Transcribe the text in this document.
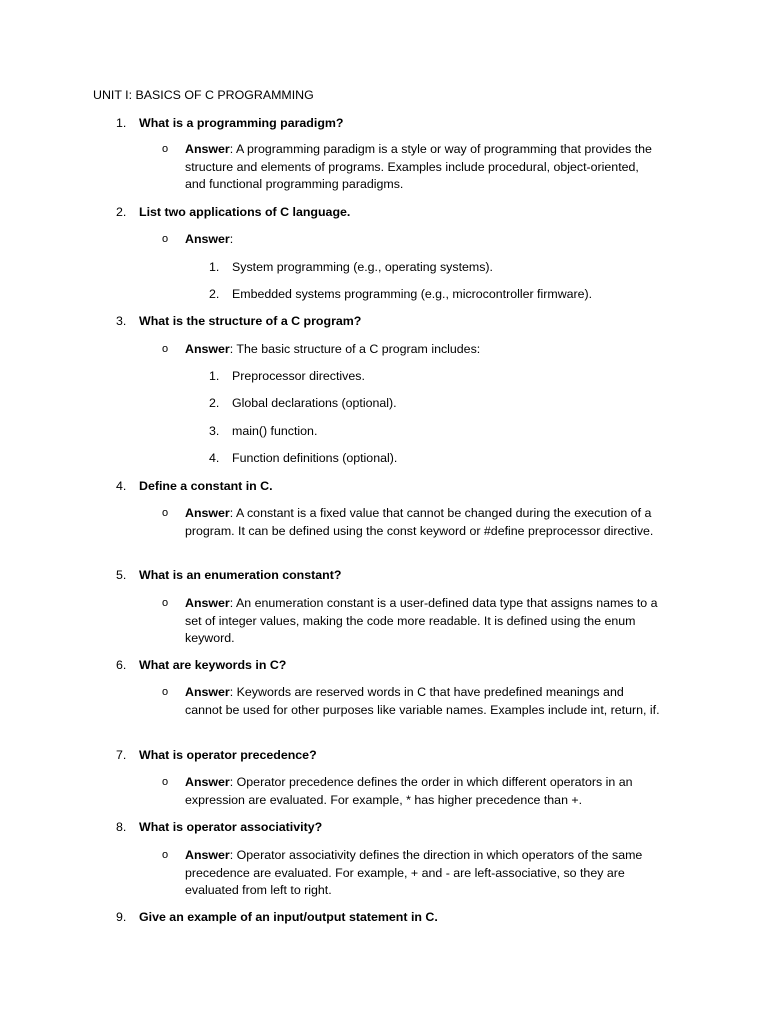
UNIT I: BASICS OF C PROGRAMMING
1.	What is a programming paradigm?
o Answer: A programming paradigm is a style or way of programming that provides the structure and elements of programs. Examples include procedural, object-oriented, and functional programming paradigms.
2.	List two applications of C language.
o Answer:
1.	System programming (e.g., operating systems).
2.	Embedded systems programming (e.g., microcontroller firmware).
3.	What is the structure of a C program?
o Answer: The basic structure of a C program includes:
1.	Preprocessor directives.
2.	Global declarations (optional).
3.	main() function.
4.	Function definitions (optional).
4.	Define a constant in C.
o Answer: A constant is a fixed value that cannot be changed during the execution of a program. It can be defined using the const keyword or #define preprocessor directive.
5.	What is an enumeration constant?
o Answer: An enumeration constant is a user-defined data type that assigns names to a set of integer values, making the code more readable. It is defined using the enum keyword.
6.	What are keywords in C?
o Answer: Keywords are reserved words in C that have predefined meanings and cannot be used for other purposes like variable names. Examples include int, return, if.
7.	What is operator precedence?
o Answer: Operator precedence defines the order in which different operators in an expression are evaluated. For example, * has higher precedence than +.
8.	What is operator associativity?
o Answer: Operator associativity defines the direction in which operators of the same precedence are evaluated. For example, + and - are left-associative, so they are evaluated from left to right.
9.	Give an example of an input/output statement in C.
